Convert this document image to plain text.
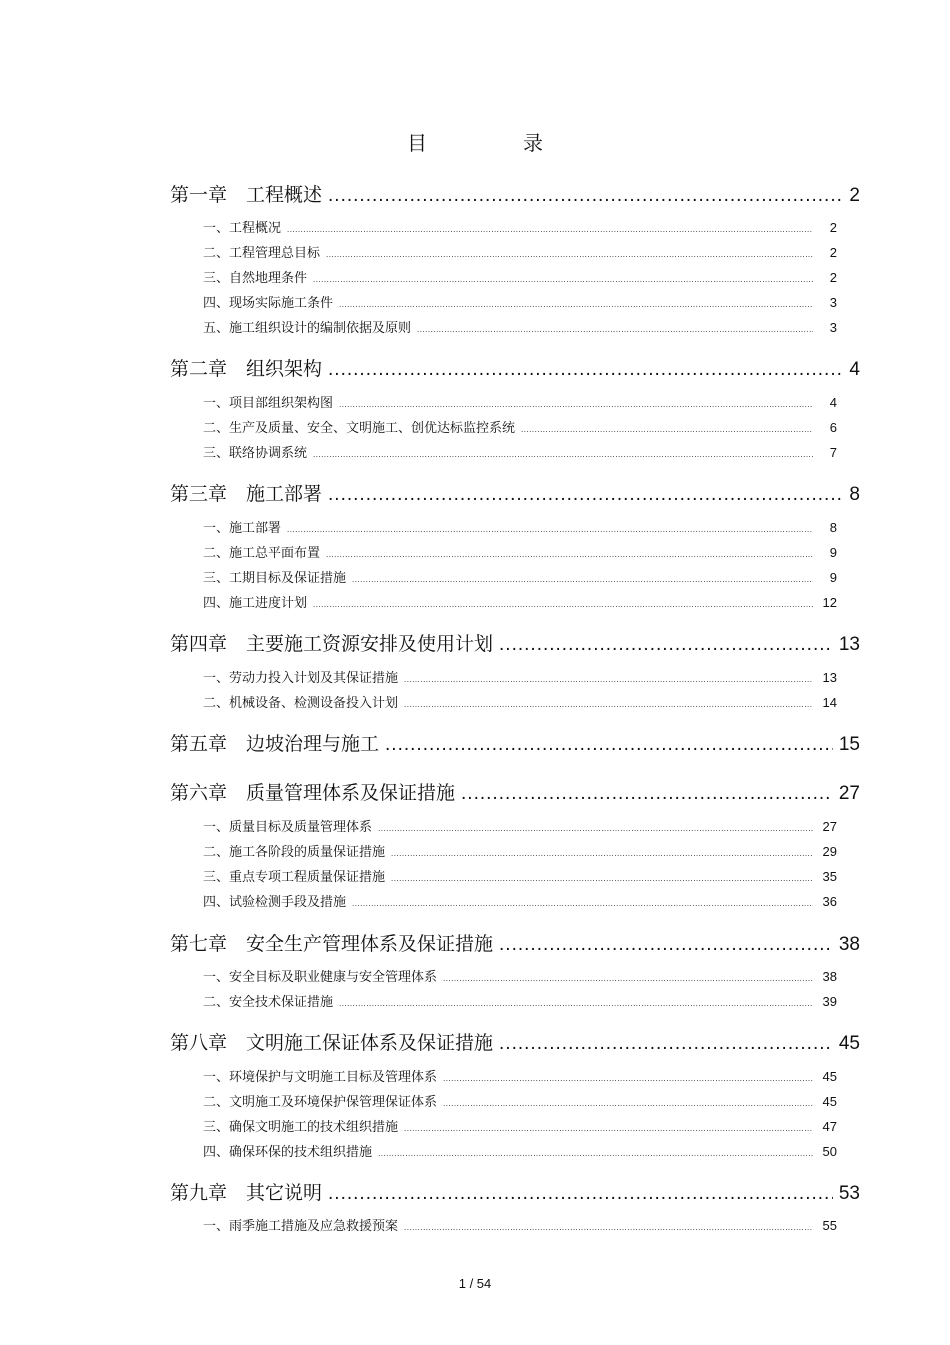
目　录
第一章　工程概述 .....	2
一、工程概况 .....	2
二、工程管理总目标 .....	2
三、自然地理条件 .....	2
四、现场实际施工条件 .....	3
五、施工组织设计的编制依据及原则 .....	3
第二章　组织架构 .....	4
一、项目部组织架构图 .....	4
二、生产及质量、安全、文明施工、创优达标监控系统 .....	6
三、联络协调系统 .....	7
第三章　施工部署 .....	8
一、施工部署 .....	8
二、施工总平面布置 .....	9
三、工期目标及保证措施 .....	9
四、施工进度计划 .....	12
第四章　主要施工资源安排及使用计划 .....	13
一、劳动力投入计划及其保证措施 .....	13
二、机械设备、检测设备投入计划 .....	14
第五章　边坡治理与施工 .....	15
第六章　质量管理体系及保证措施 .....	27
一、质量目标及质量管理体系 .....	27
二、施工各阶段的质量保证措施 .....	29
三、重点专项工程质量保证措施 .....	35
四、试验检测手段及措施 .....	36
第七章　安全生产管理体系及保证措施 .....	38
一、安全目标及职业健康与安全管理体系 .....	38
二、安全技术保证措施 .....	39
第八章　文明施工保证体系及保证措施 .....	45
一、环境保护与文明施工目标及管理体系 .....	45
二、文明施工及环境保护保管理保证体系 .....	45
三、确保文明施工的技术组织措施 .....	47
四、确保环保的技术组织措施 .....	50
第九章　其它说明 .....	53
一、雨季施工措施及应急救援预案 .....	55
1 / 54
